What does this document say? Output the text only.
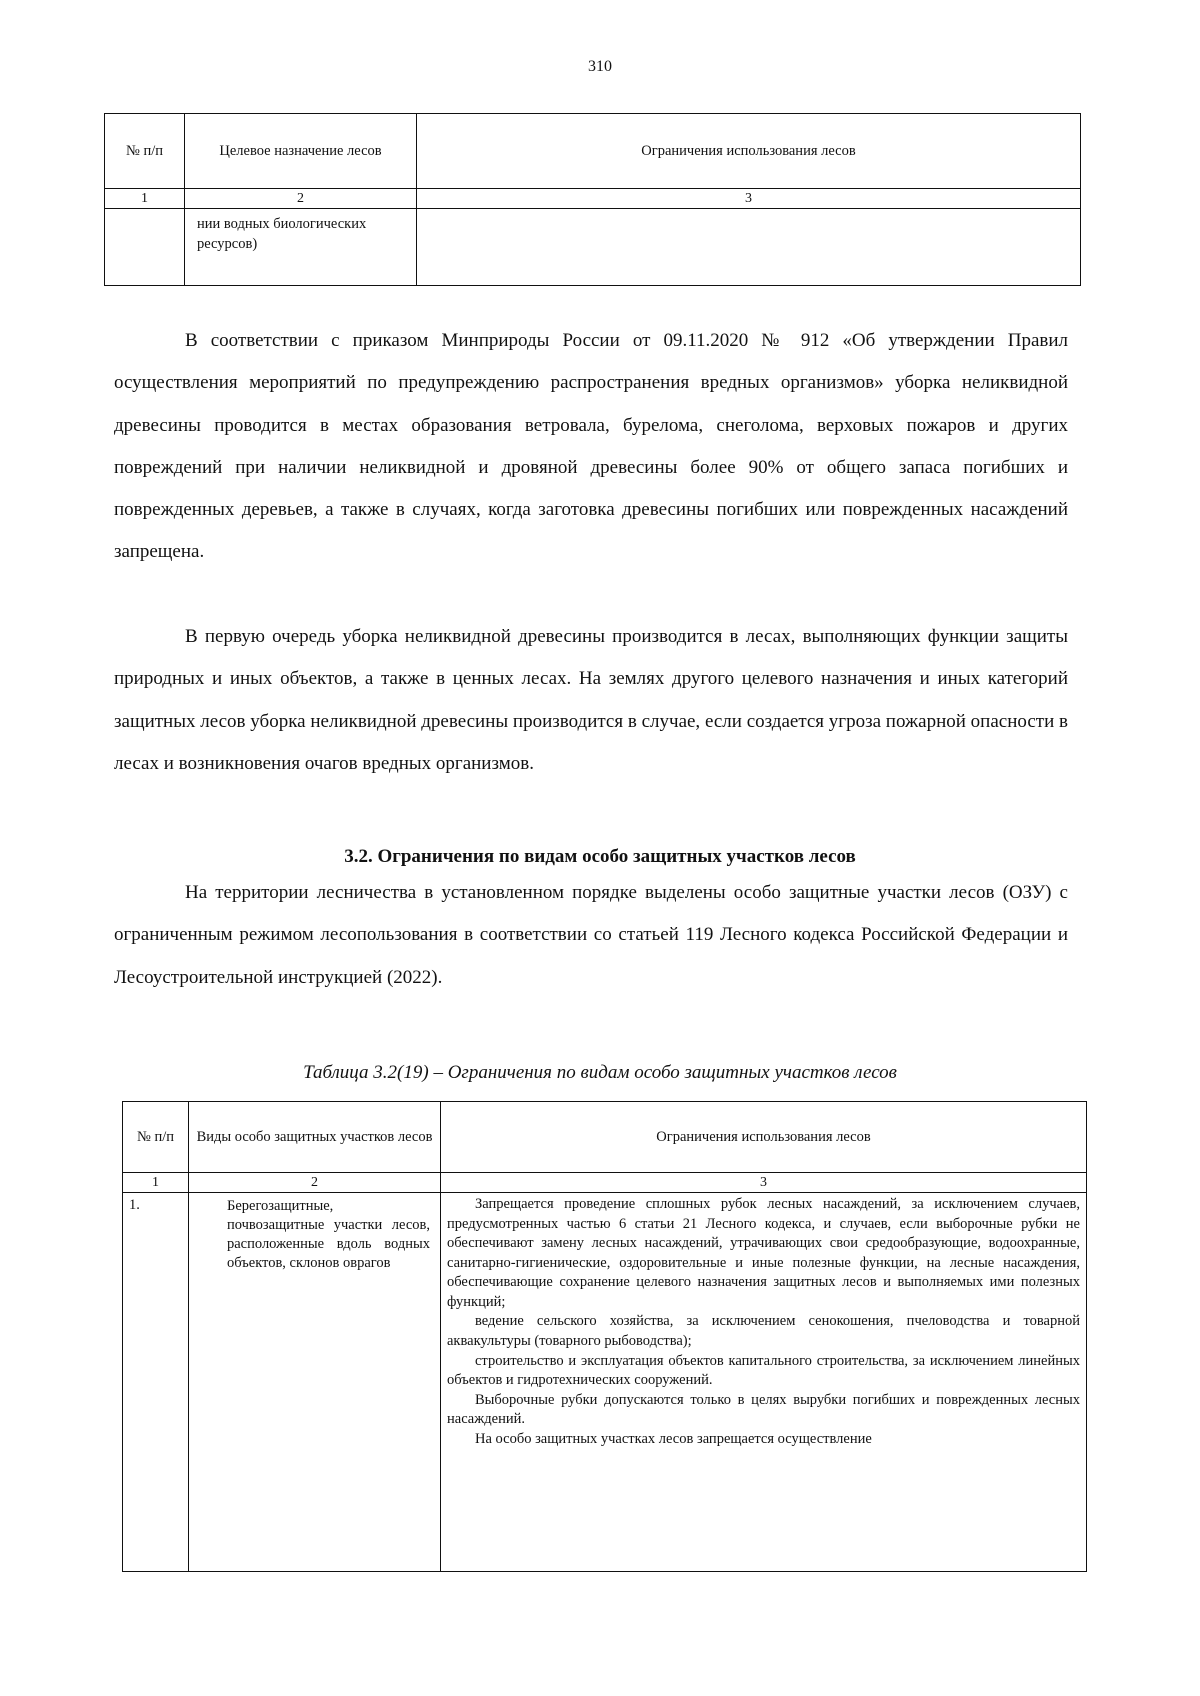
310
№ п/п	Целевое назначение лесов	Ограничения использования лесов
1	2	3
	нии водных биологических ресурсов)	

В соответствии с приказом Минприроды России от 09.11.2020 № 912 «Об утверждении Правил осуществления мероприятий по предупреждению распространения вредных организмов» уборка неликвидной древесины проводится в местах образования ветровала, бурелома, снеголома, верховых пожаров и других повреждений при наличии неликвидной и дровяной древесины более 90% от общего запаса погибших и поврежденных деревьев, а также в случаях, когда заготовка древесины погибших или поврежденных насаждений запрещена.

В первую очередь уборка неликвидной древесины производится в лесах, выполняющих функции защиты природных и иных объектов, а также в ценных лесах. На землях другого целевого назначения и иных категорий защитных лесов уборка неликвидной древесины производится в случае, если создается угроза пожарной опасности в лесах и возникновения очагов вредных организмов.

3.2. Ограничения по видам особо защитных участков лесов

На территории лесничества в установленном порядке выделены особо защитные участки лесов (ОЗУ) с ограниченным режимом лесопользования в соответствии со статьей 119 Лесного кодекса Российской Федерации и Лесоустроительной инструкцией (2022).

Таблица 3.2(19) – Ограничения по видам особо защитных участков лесов
№ п/п	Виды особо защитных участков лесов	Ограничения использования лесов
1	2	3
1.	Берегозащитные, почвозащитные участки лесов, расположенные вдоль водных объектов, склонов оврагов	Запрещается проведение сплошных рубок лесных насаждений, за исключением случаев, предусмотренных частью 6 статьи 21 Лесного кодекса, и случаев, если выборочные рубки не обеспечивают замену лесных насаждений, утрачивающих свои средообразующие, водоохранные, санитарно-гигиенические, оздоровительные и иные полезные функции, на лесные насаждения, обеспечивающие сохранение целевого назначения защитных лесов и выполняемых ими полезных функций;

ведение сельского хозяйства, за исключением сенокошения, пчеловодства и товарной аквакультуры (товарного рыбоводства);

строительство и эксплуатация объектов капитального строительства, за исключением линейных объектов и гидротехнических сооружений.

Выборочные рубки допускаются только в целях вырубки погибших и поврежденных лесных насаждений.

На особо защитных участках лесов запрещается осуществление
